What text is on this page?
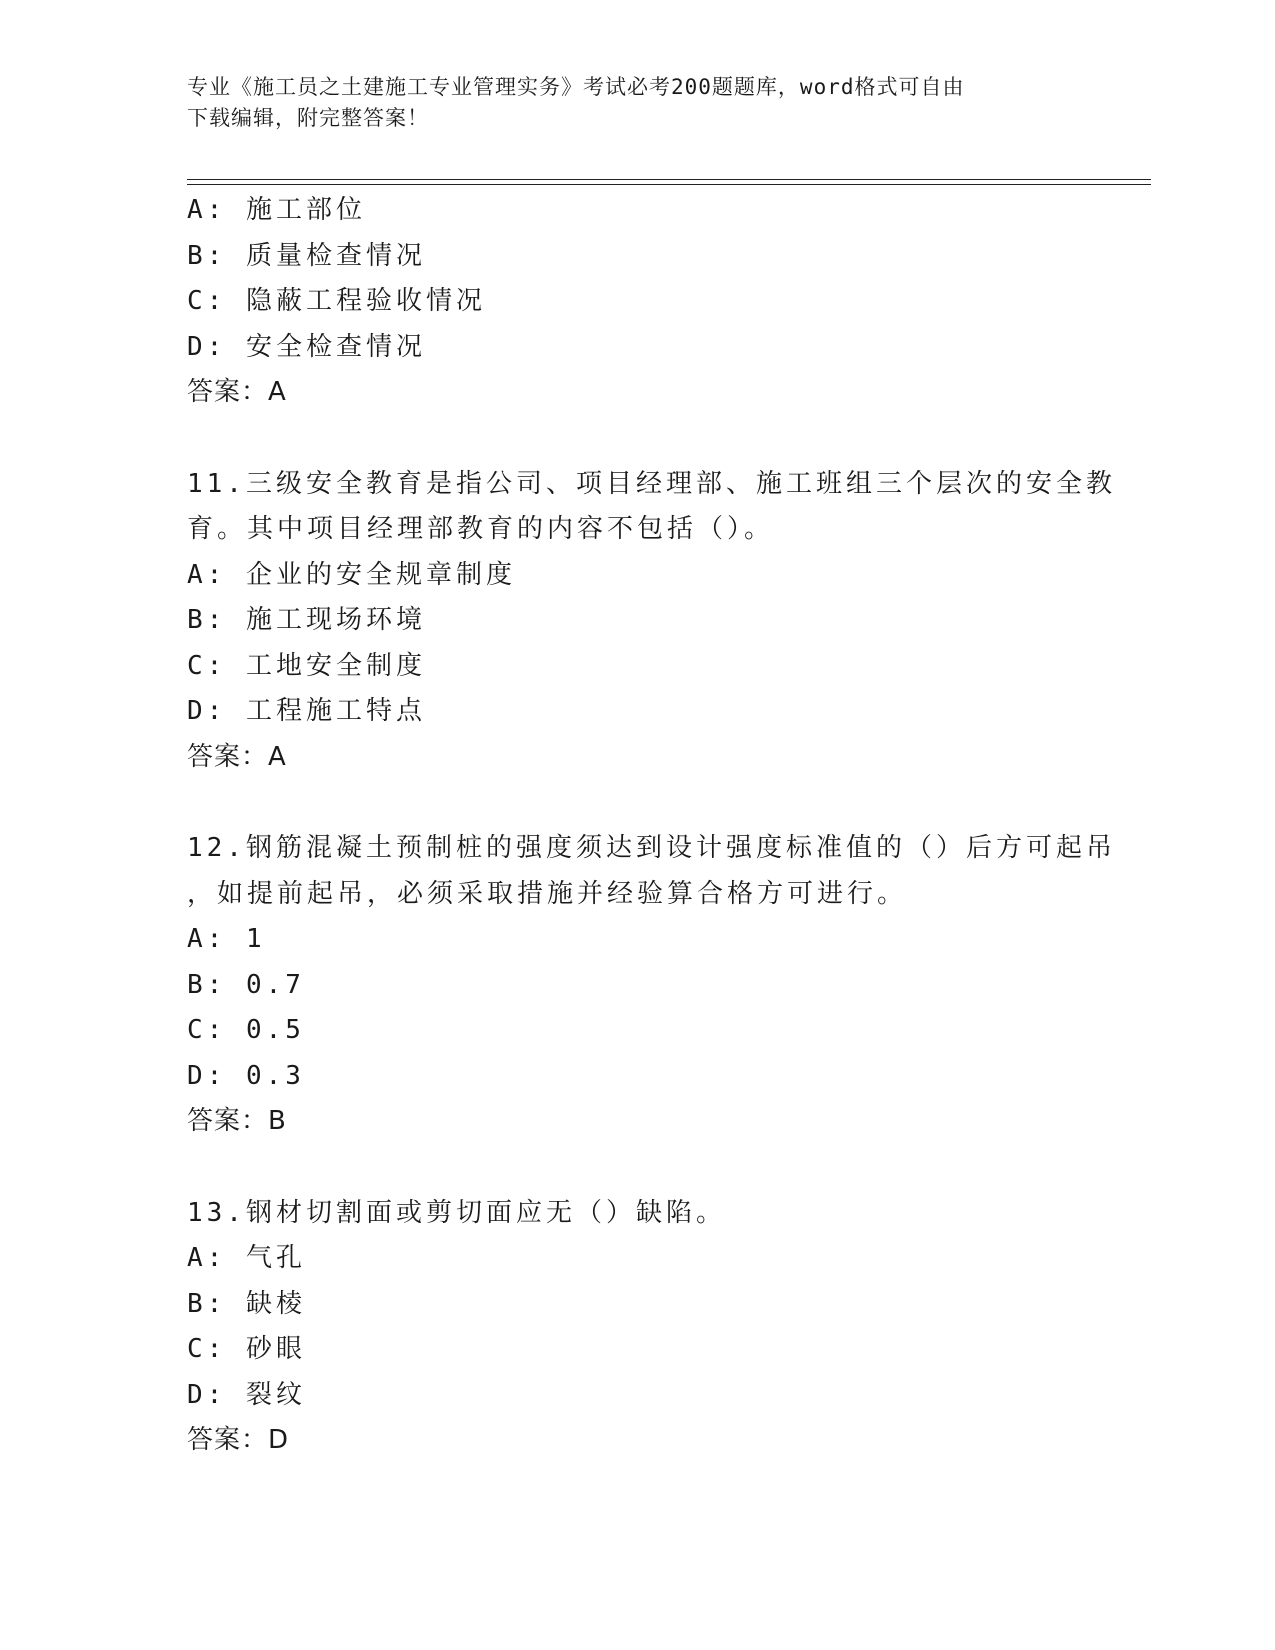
专业《施工员之土建施工专业管理实务》考试必考200题题库，word格式可自由
下载编辑，附完整答案！
A: 施工部位
B: 质量检查情况
C: 隐蔽工程验收情况
D: 安全检查情况
答案：A
11.三级安全教育是指公司、项目经理部、施工班组三个层次的安全教
育。其中项目经理部教育的内容不包括（）。
A: 企业的安全规章制度
B: 施工现场环境
C: 工地安全制度
D: 工程施工特点
答案：A
12.钢筋混凝土预制桩的强度须达到设计强度标准值的（）后方可起吊
，如提前起吊，必须采取措施并经验算合格方可进行。
A: 1
B: 0.7
C: 0.5
D: 0.3
答案：B
13.钢材切割面或剪切面应无（）缺陷。
A: 气孔
B: 缺棱
C: 砂眼
D: 裂纹
答案：D
